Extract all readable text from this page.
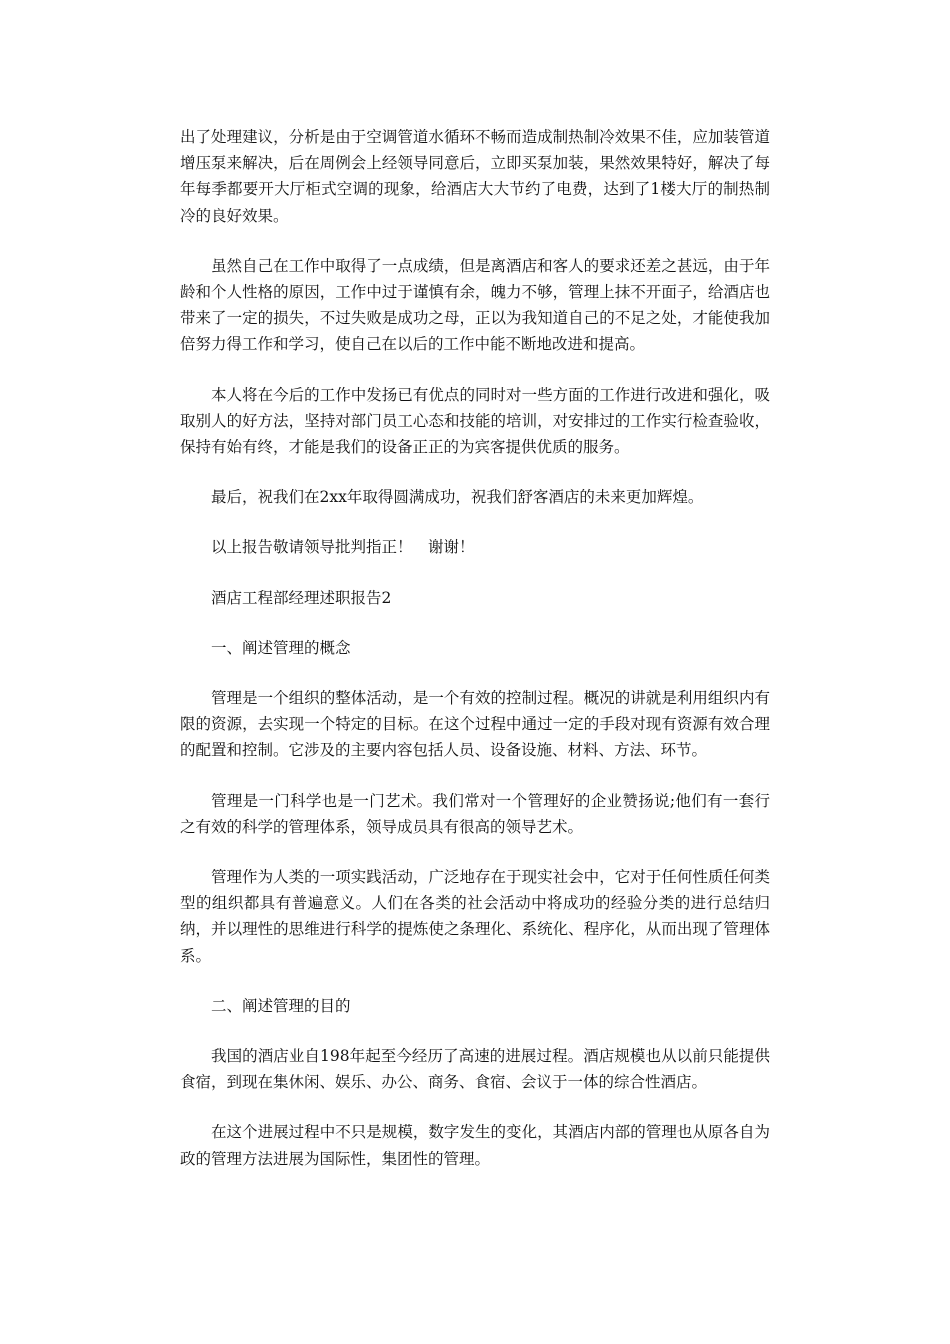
出了处理建议，分析是由于空调管道水循环不畅而造成制热制冷效果不佳，应加装管道增压泵来解决，后在周例会上经领导同意后，立即买泵加装，果然效果特好，解决了每年每季都要开大厅柜式空调的现象，给酒店大大节约了电费，达到了1楼大厅的制热制冷的良好效果。

虽然自己在工作中取得了一点成绩，但是离酒店和客人的要求还差之甚远，由于年龄和个人性格的原因，工作中过于谨慎有余，魄力不够，管理上抹不开面子，给酒店也带来了一定的损失，不过失败是成功之母，正以为我知道自己的不足之处，才能使我加倍努力得工作和学习，使自己在以后的工作中能不断地改进和提高。

本人将在今后的工作中发扬已有优点的同时对一些方面的工作进行改进和强化，吸取别人的好方法，坚持对部门员工心态和技能的培训，对安排过的工作实行检查验收，保持有始有终，才能是我们的设备正正的为宾客提供优质的服务。

最后，祝我们在2xx年取得圆满成功，祝我们舒客酒店的未来更加辉煌。

以上报告敬请领导批判指正！　谢谢！

酒店工程部经理述职报告2

一、阐述管理的概念

管理是一个组织的整体活动，是一个有效的控制过程。概况的讲就是利用组织内有限的资源，去实现一个特定的目标。在这个过程中通过一定的手段对现有资源有效合理的配置和控制。它涉及的主要内容包括人员、设备设施、材料、方法、环节。

管理是一门科学也是一门艺术。我们常对一个管理好的企业赞扬说;他们有一套行之有效的科学的管理体系，领导成员具有很高的领导艺术。

管理作为人类的一项实践活动，广泛地存在于现实社会中，它对于任何性质任何类型的组织都具有普遍意义。人们在各类的社会活动中将成功的经验分类的进行总结归纳，并以理性的思维进行科学的提炼使之条理化、系统化、程序化，从而出现了管理体系。

二、阐述管理的目的

我国的酒店业自198年起至今经历了高速的进展过程。酒店规模也从以前只能提供食宿，到现在集休闲、娱乐、办公、商务、食宿、会议于一体的综合性酒店。

在这个进展过程中不只是规模，数字发生的变化，其酒店内部的管理也从原各自为政的管理方法进展为国际性，集团性的管理。
